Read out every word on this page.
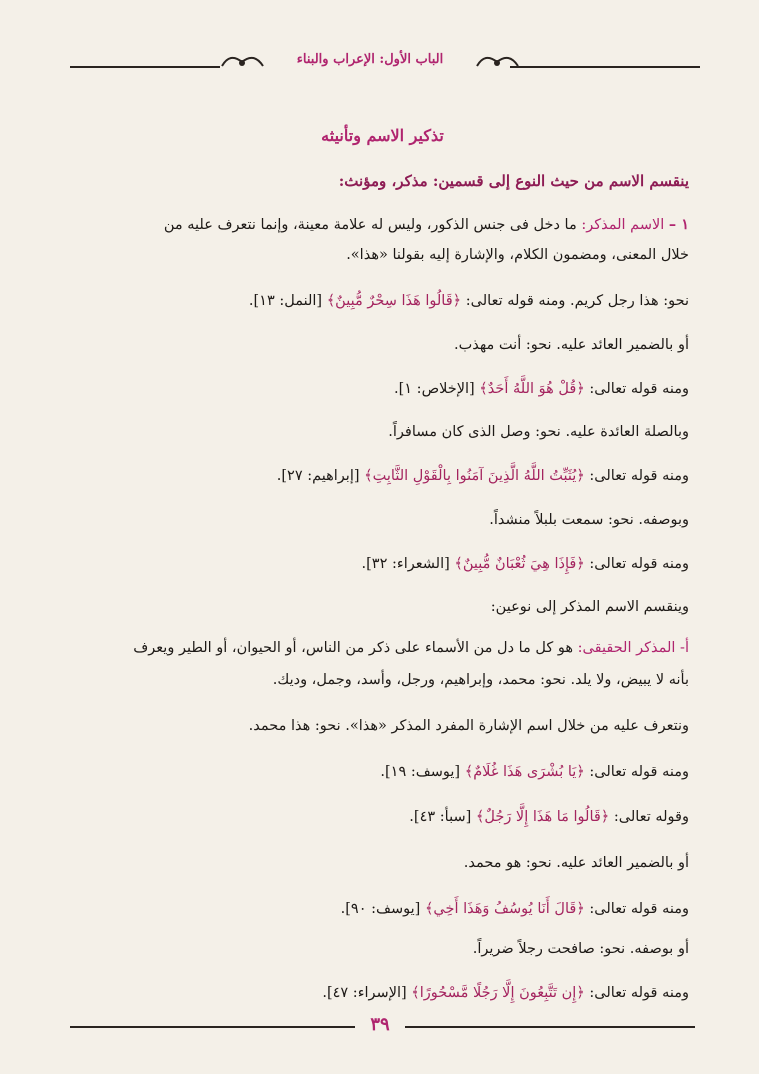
الباب الأول: الإعراب والبناء
تذكير الاسم وتأنيثه
ينقسم الاسم من حيث النوع إلى قسمين: مذكر، ومؤنث:
١ – الاسم المذكر: ما دخل فى جنس الذكور، وليس له علامة معينة، وإنما نتعرف عليه من
خلال المعنى، ومضمون الكلام، والإشارة إليه بقولنا «هذا».
نحو: هذا رجل كريم. ومنه قوله تعالى: ﴿قَالُوا هَذَا سِحْرٌ مُّبِينٌ﴾ [النمل: ١٣].
أو بالضمير العائد عليه. نحو: أنت مهذب.
ومنه قوله تعالى: ﴿قُلْ هُوَ اللَّهُ أَحَدٌ﴾ [الإخلاص: ١].
وبالصلة العائدة عليه. نحو: وصل الذى كان مسافراً.
ومنه قوله تعالى: ﴿يُثَبِّتُ اللَّهُ الَّذِينَ آمَنُوا بِالْقَوْلِ الثَّابِتِ﴾ [إبراهيم: ٢٧].
وبوصفه. نحو: سمعت بلبلاً منشداً.
ومنه قوله تعالى: ﴿فَإِذَا هِيَ ثُعْبَانٌ مُّبِينٌ﴾ [الشعراء: ٣٢].
وينقسم الاسم المذكر إلى نوعين:
أ- المذكر الحقيقى: هو كل ما دل من الأسماء على ذكر من الناس، أو الحيوان، أو الطير ويعرف
بأنه لا يبيض، ولا يلد. نحو: محمد، وإبراهيم، ورجل، وأسد، وجمل، وديك.
ونتعرف عليه من خلال اسم الإشارة المفرد المذكر «هذا». نحو: هذا محمد.
ومنه قوله تعالى: ﴿يَا بُشْرَى هَذَا غُلَامٌ﴾ [يوسف: ١٩].
وقوله تعالى: ﴿قَالُوا مَا هَذَا إِلَّا رَجُلٌ﴾ [سبأ: ٤٣].
أو بالضمير العائد عليه. نحو: هو محمد.
ومنه قوله تعالى: ﴿قَالَ أَنَا يُوسُفُ وَهَذَا أَخِي﴾ [يوسف: ٩٠].
أو بوصفه. نحو: صافحت رجلاً ضريراً.
ومنه قوله تعالى: ﴿إِن تَتَّبِعُونَ إِلَّا رَجُلًا مَّسْحُورًا﴾ [الإسراء: ٤٧].
٣٩
